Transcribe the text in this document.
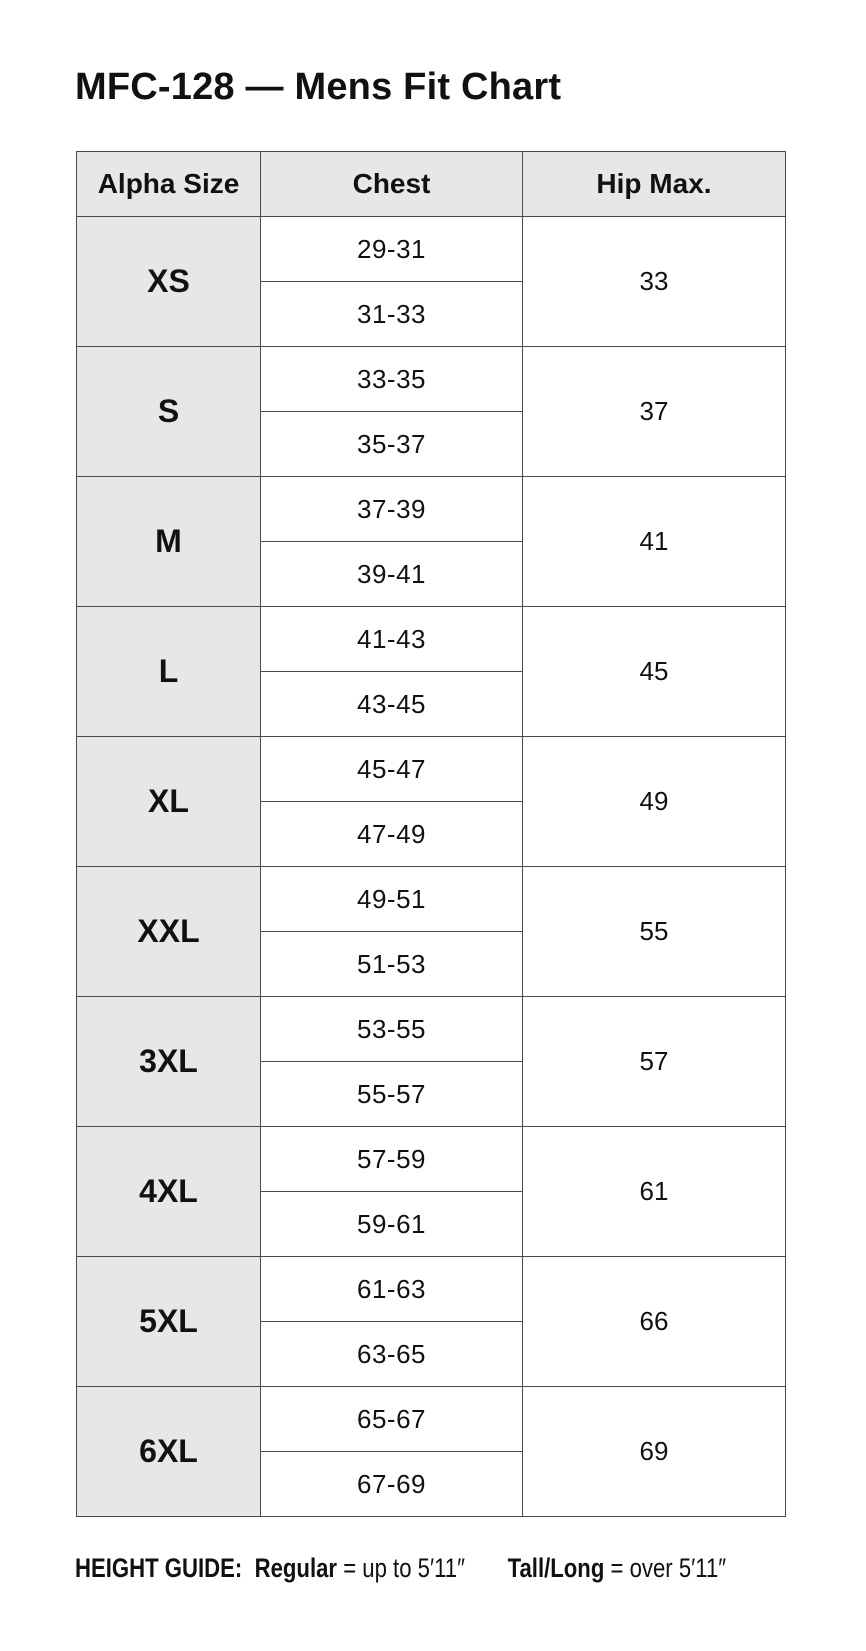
MFC-128 — Mens Fit Chart
Alpha Size	Chest	Hip Max.
XS	29-31	33
	31-33	
S	33-35	37
	35-37	
M	37-39	41
	39-41	
L	41-43	45
	43-45	
XL	45-47	49
	47-49	
XXL	49-51	55
	51-53	
3XL	53-55	57
	55-57	
4XL	57-59	61
	59-61	
5XL	61-63	66
	63-65	
6XL	65-67	69
	67-69	
HEIGHT GUIDE: Regular = up to 5′11″ Tall/Long = over 5′11″
